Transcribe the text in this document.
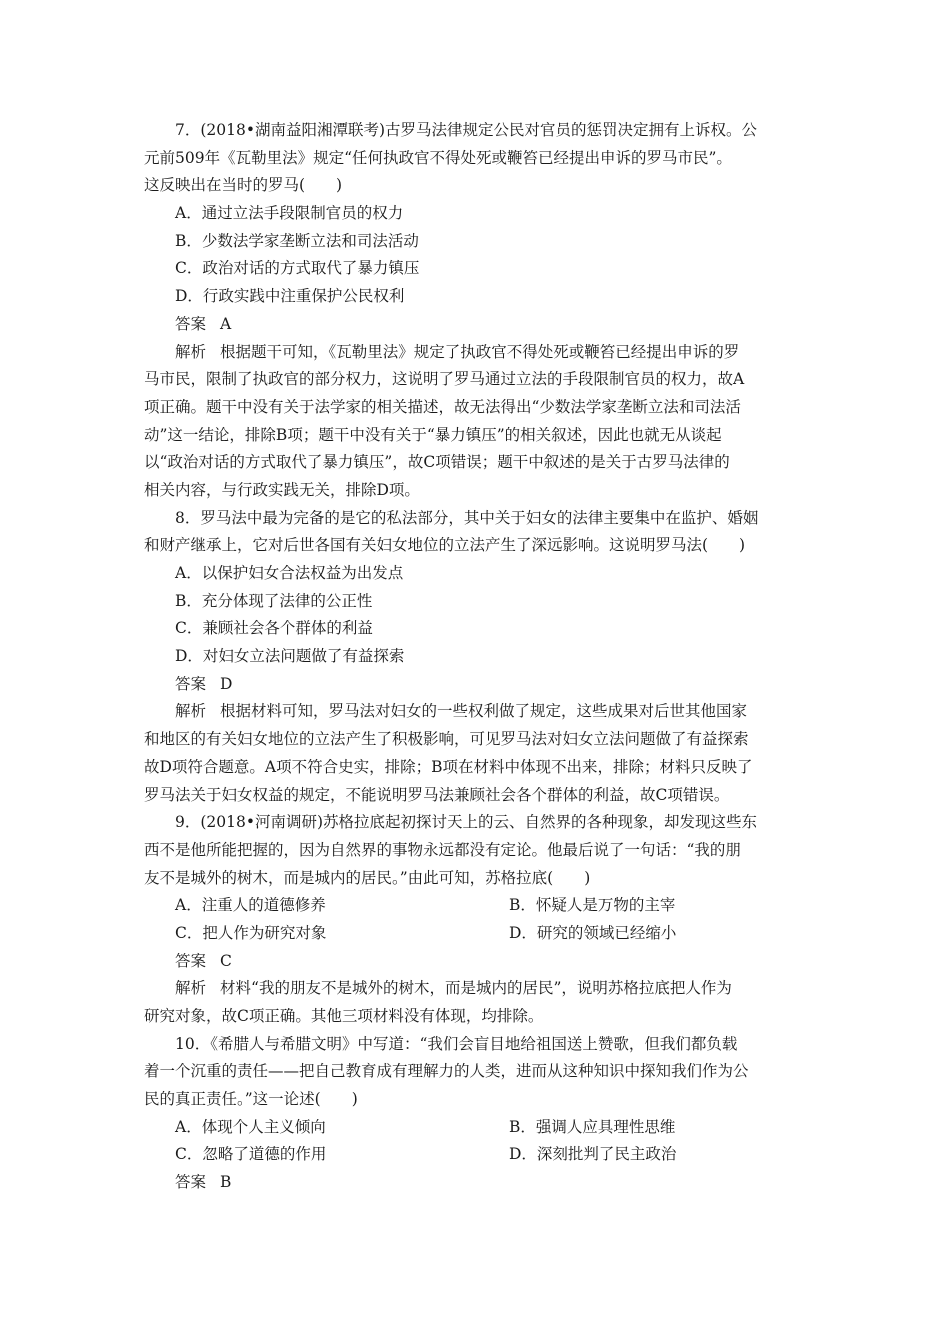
7．(2018•湖南益阳湘潭联考)古罗马法律规定公民对官员的惩罚决定拥有上诉权。公
元前509年《瓦勒里法》规定“任何执政官不得处死或鞭笞已经提出申诉的罗马市民”。
这反映出在当时的罗马(　　)
A．通过立法手段限制官员的权力
B．少数法学家垄断立法和司法活动
C．政治对话的方式取代了暴力镇压
D．行政实践中注重保护公民权利
答案 A
解析 根据题干可知，《瓦勒里法》规定了执政官不得处死或鞭笞已经提出申诉的罗
马市民，限制了执政官的部分权力，这说明了罗马通过立法的手段限制官员的权力，故A
项正确。题干中没有关于法学家的相关描述，故无法得出“少数法学家垄断立法和司法活
动”这一结论，排除B项；题干中没有关于“暴力镇压”的相关叙述，因此也就无从谈起
以“政治对话的方式取代了暴力镇压”，故C项错误；题干中叙述的是关于古罗马法律的
相关内容，与行政实践无关，排除D项。
8．罗马法中最为完备的是它的私法部分，其中关于妇女的法律主要集中在监护、婚姻
和财产继承上，它对后世各国有关妇女地位的立法产生了深远影响。这说明罗马法(　　)
A．以保护妇女合法权益为出发点
B．充分体现了法律的公正性
C．兼顾社会各个群体的利益
D．对妇女立法问题做了有益探索
答案 D
解析 根据材料可知，罗马法对妇女的一些权利做了规定，这些成果对后世其他国家
和地区的有关妇女地位的立法产生了积极影响，可见罗马法对妇女立法问题做了有益探索
故D项符合题意。A项不符合史实，排除；B项在材料中体现不出来，排除；材料只反映了
罗马法关于妇女权益的规定，不能说明罗马法兼顾社会各个群体的利益，故C项错误。
9．(2018•河南调研)苏格拉底起初探讨天上的云、自然界的各种现象，却发现这些东
西不是他所能把握的，因为自然界的事物永远都没有定论。他最后说了一句话：“我的朋
友不是城外的树木，而是城内的居民。”由此可知，苏格拉底(　　)
A．注重人的道德修养	B．怀疑人是万物的主宰
C．把人作为研究对象	D．研究的领域已经缩小
答案 C
解析 材料“我的朋友不是城外的树木，而是城内的居民”，说明苏格拉底把人作为
研究对象，故C项正确。其他三项材料没有体现，均排除。
10．《希腊人与希腊文明》中写道：“我们会盲目地给祖国送上赞歌，但我们都负载
着一个沉重的责任——把自己教育成有理解力的人类，进而从这种知识中探知我们作为公
民的真正责任。”这一论述(　　)
A．体现个人主义倾向	B．强调人应具理性思维
C．忽略了道德的作用	D．深刻批判了民主政治
答案 B
